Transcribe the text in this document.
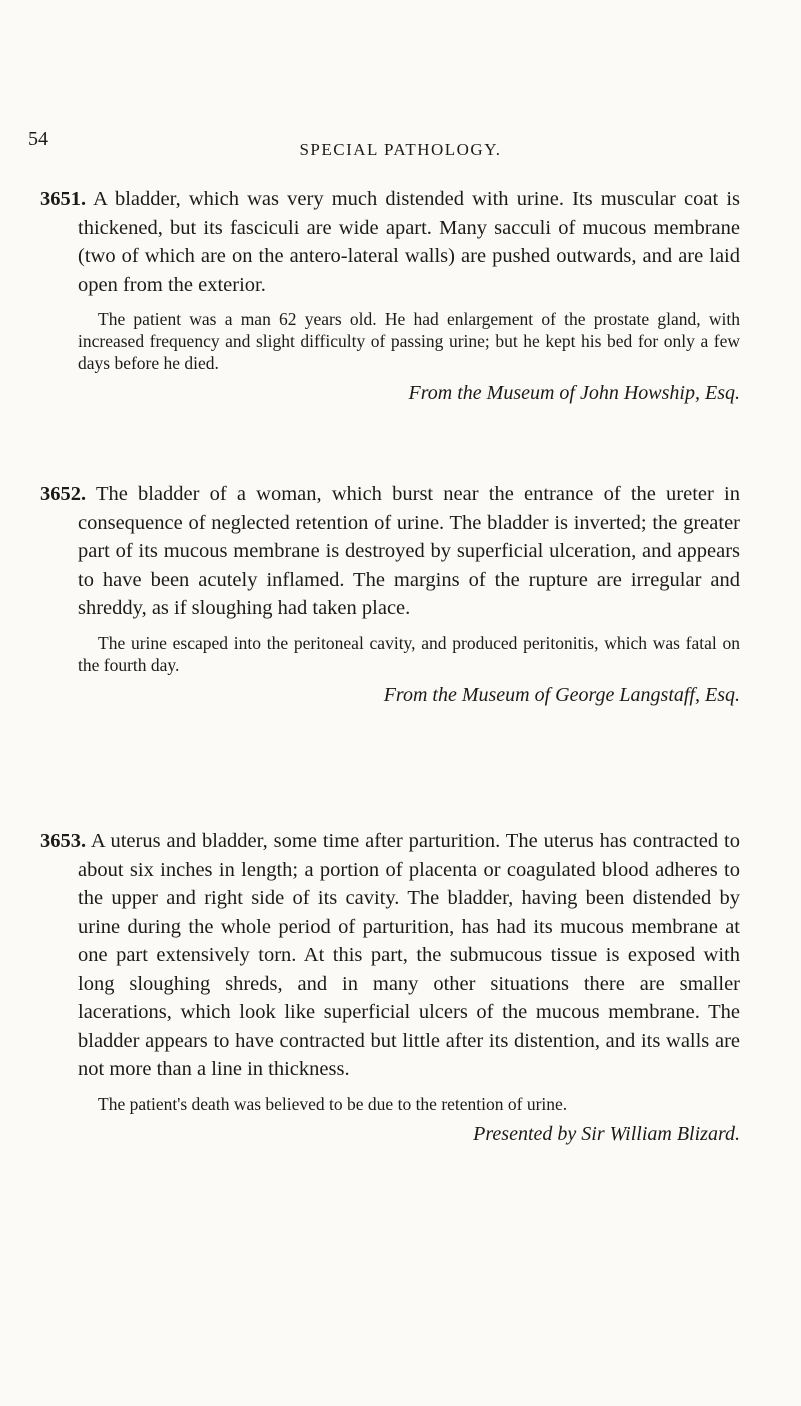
54	SPECIAL PATHOLOGY.

3651. A bladder, which was very much distended with urine. Its muscular coat is thickened, but its fasciculi are wide apart. Many sacculi of mucous membrane (two of which are on the antero-lateral walls) are pushed outwards, and are laid open from the exterior.

The patient was a man 62 years old. He had enlargement of the prostate gland, with increased frequency and slight difficulty of passing urine; but he kept his bed for only a few days before he died.

From the Museum of John Howship, Esq.

3652. The bladder of a woman, which burst near the entrance of the ureter in consequence of neglected retention of urine. The bladder is inverted; the greater part of its mucous membrane is destroyed by superficial ulceration, and appears to have been acutely inflamed. The margins of the rupture are irregular and shreddy, as if sloughing had taken place.

The urine escaped into the peritoneal cavity, and produced peritonitis, which was fatal on the fourth day.

From the Museum of George Langstaff, Esq.

3653. A uterus and bladder, some time after parturition. The uterus has contracted to about six inches in length; a portion of placenta or coagulated blood adheres to the upper and right side of its cavity. The bladder, having been distended by urine during the whole period of parturition, has had its mucous membrane at one part extensively torn. At this part, the submucous tissue is exposed with long sloughing shreds, and in many other situations there are smaller lacerations, which look like superficial ulcers of the mucous membrane. The bladder appears to have contracted but little after its distention, and its walls are not more than a line in thickness.

The patient's death was believed to be due to the retention of urine.

Presented by Sir William Blizard.
